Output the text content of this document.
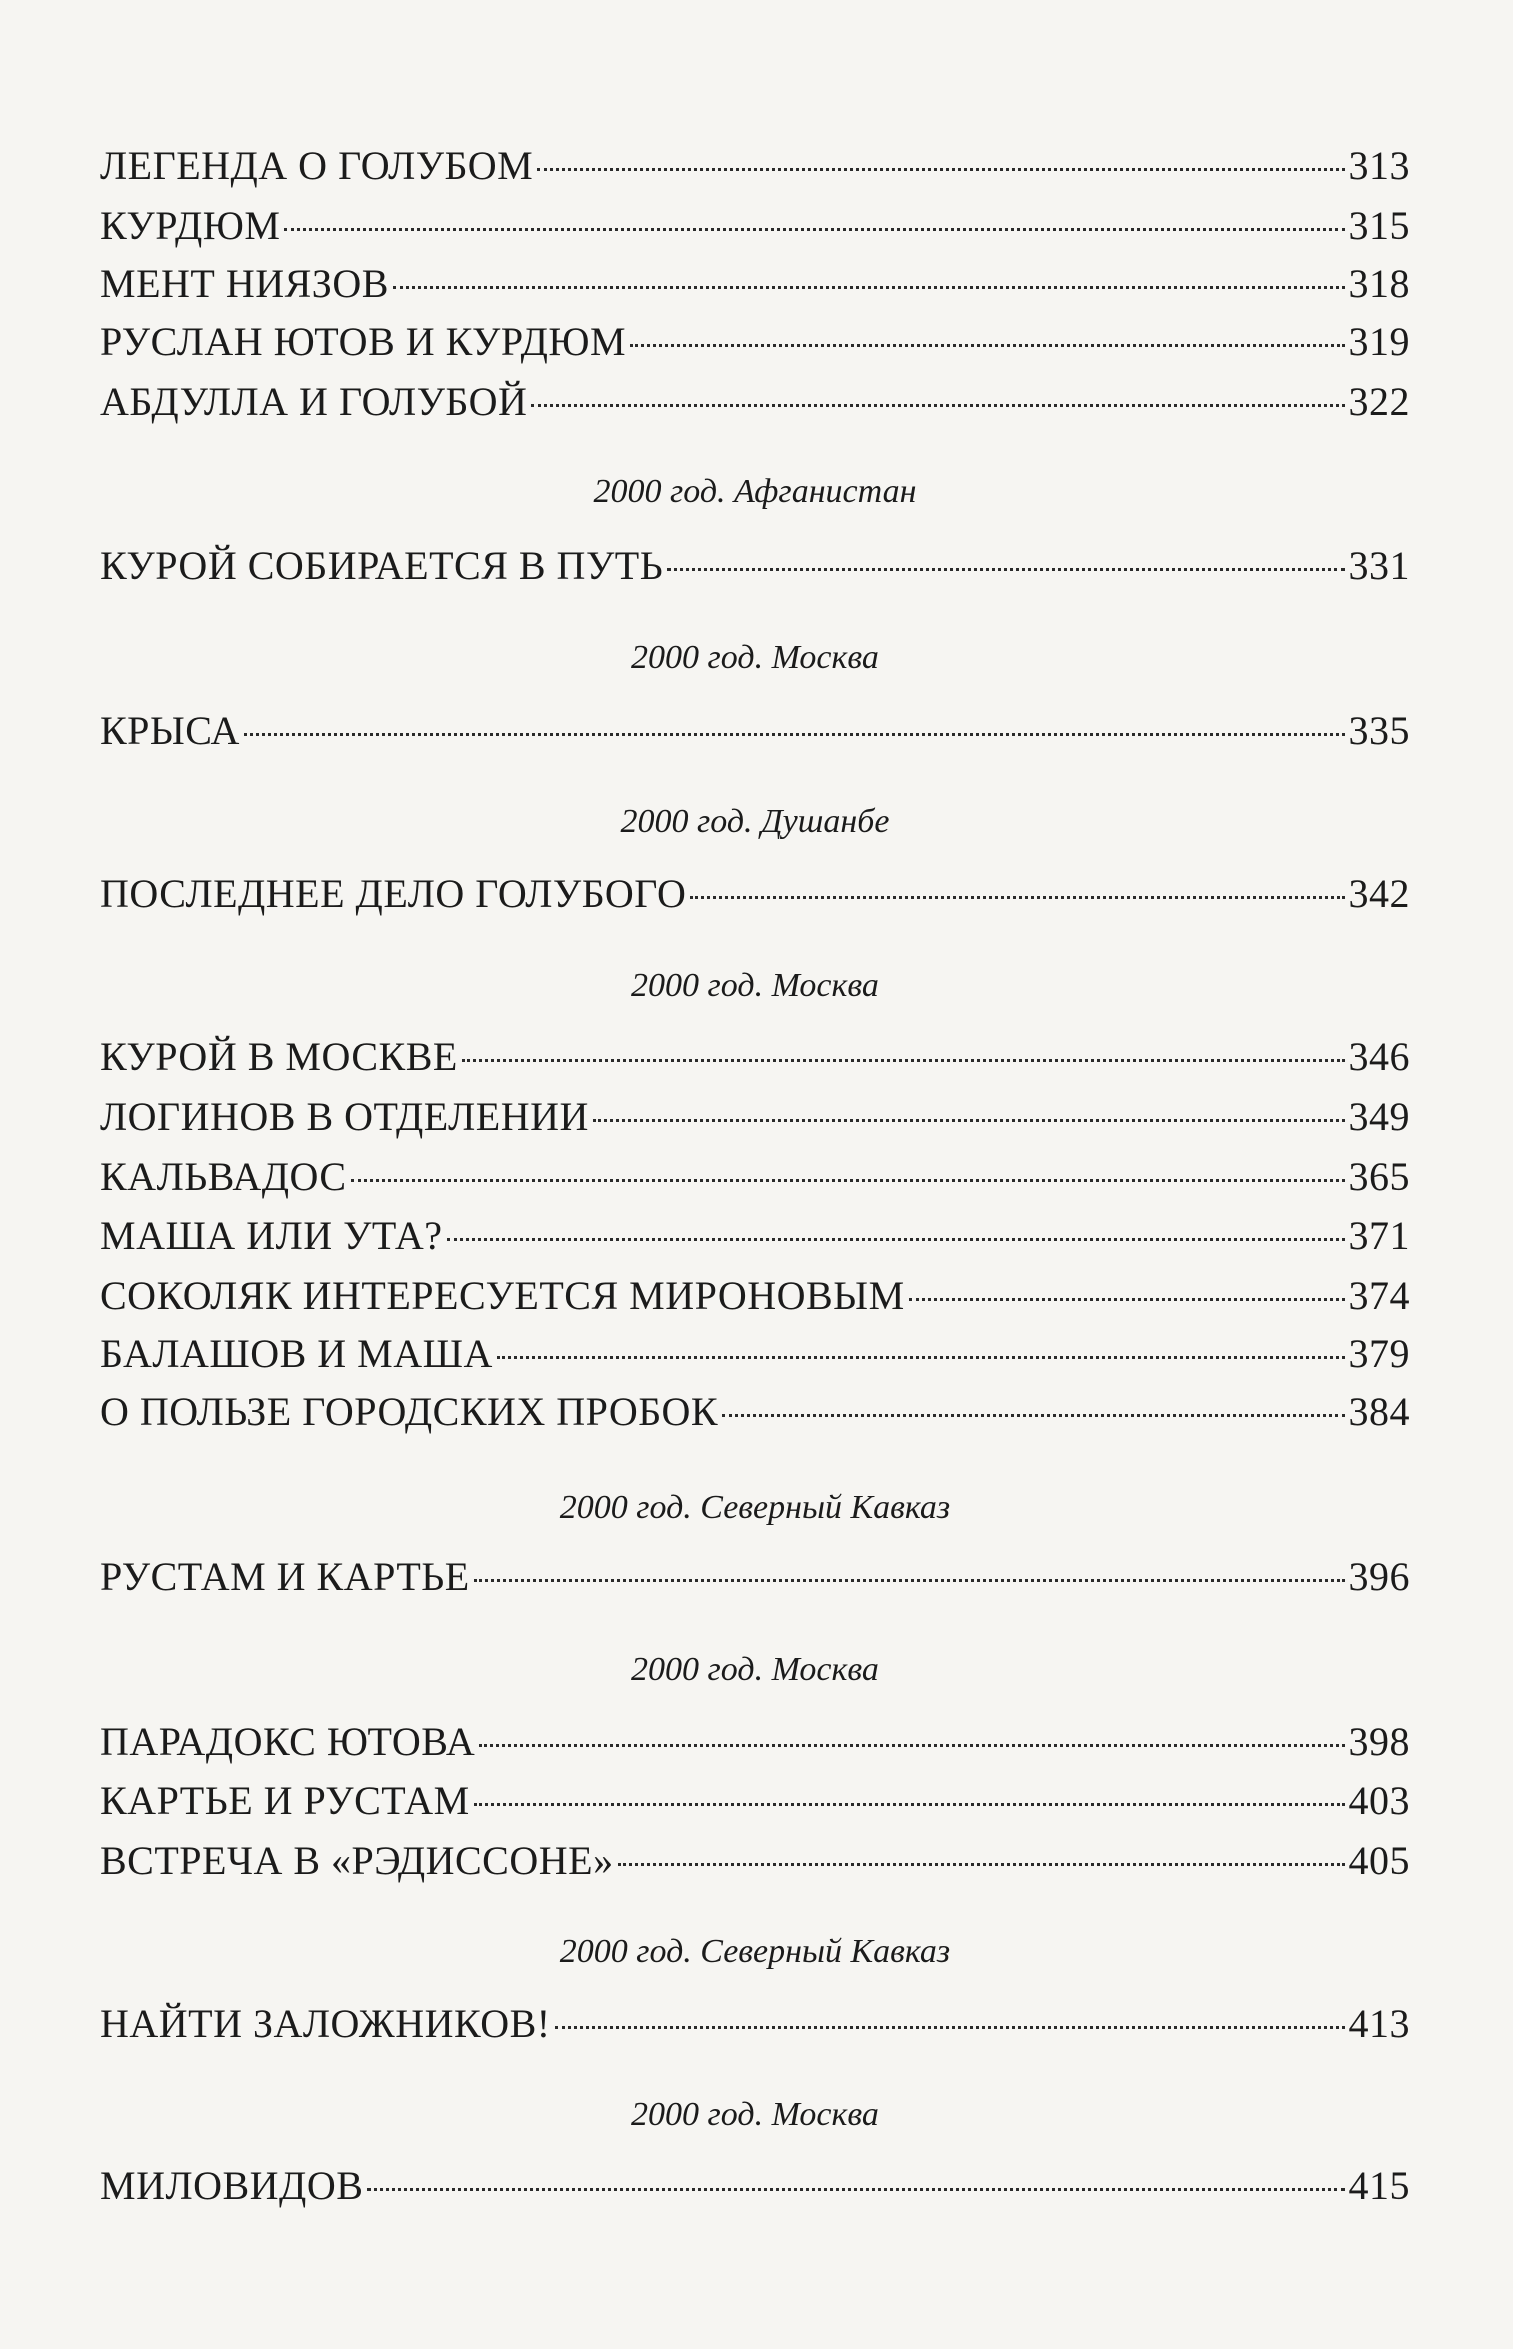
ЛЕГЕНДА О ГОЛУБОМ	313
КУРДЮМ	315
МЕНТ НИЯЗОВ	318
РУСЛАН ЮТОВ И КУРДЮМ	319
АБДУЛЛА И ГОЛУБОЙ	322
2000 год. Афганистан
КУРОЙ СОБИРАЕТСЯ В ПУТЬ	331
2000 год. Москва
КРЫСА	335
2000 год. Душанбе
ПОСЛЕДНЕЕ ДЕЛО ГОЛУБОГО	342
2000 год. Москва
КУРОЙ В МОСКВЕ	346
ЛОГИНОВ В ОТДЕЛЕНИИ	349
КАЛЬВАДОС	365
МАША ИЛИ УТА?	371
СОКОЛЯК ИНТЕРЕСУЕТСЯ МИРОНОВЫМ	374
БАЛАШОВ И МАША	379
О ПОЛЬЗЕ ГОРОДСКИХ ПРОБОК	384
2000 год. Северный Кавказ
РУСТАМ И КАРТЬЕ	396
2000 год. Москва
ПАРАДОКС ЮТОВА	398
КАРТЬЕ И РУСТАМ	403
ВСТРЕЧА В «РЭДИССОНЕ»	405
2000 год. Северный Кавказ
НАЙТИ ЗАЛОЖНИКОВ!	413
2000 год. Москва
МИЛОВИДОВ	415
